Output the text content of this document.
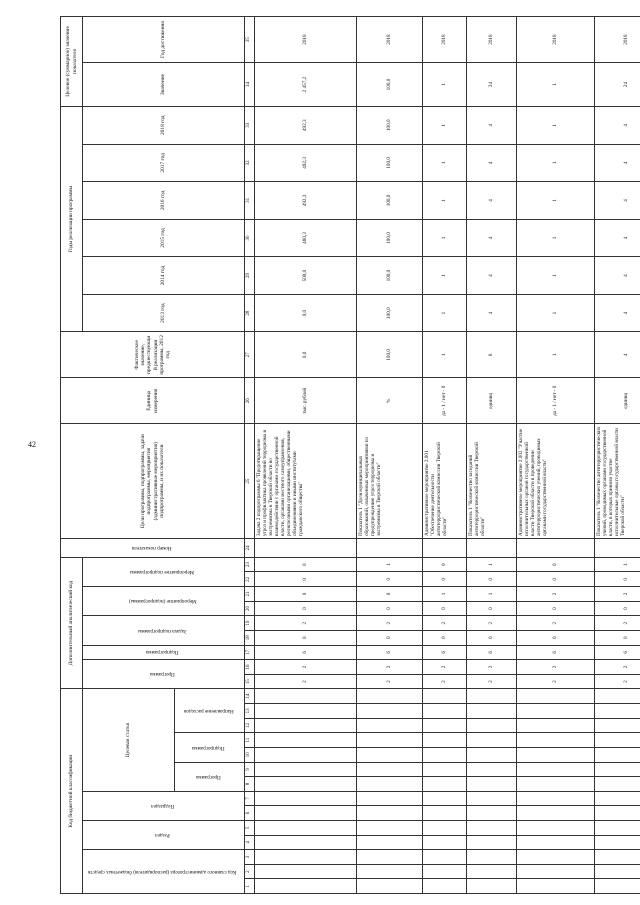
42
Код бюджетной классификации														Дополнительный аналитический код									Номер показателя	Цели программы, подпрограммы, задачи подпрограммы, мероприятия (административные мероприятия) подпрограммы, и их показатели	Единица измерения	Фактическое значение, предшествующий реализации программы, 2012 год	Годы реализации программы						Целевое (суммарное) значение показателя	
Код главного администратора (распорядителя) бюджетных средств			Раздел		Подраздел		Целевая статья							Программа		Подпрограмма	Задача подпрограммы		Мероприятие (подпрограммы)		Мероприятие подпрограммы						2013 год	2014 год	2015 год	2016 год	2017 год	2018 год	Значение	Год достижения
							Программа		Подпрограмма		Направление расходов																							
1	2	3	4	5	6	7	8	9	10	11	12	13	14	15	16	17	18	19	20	21	22	23	24	25	26	27	28	29	30	31	32	33	34	35
														2	2	6	0	2	0	0	0	0		Задача 2 подпрограммы 6 "Предотвращение угроз и профилактика проявлений терроризма и экстремизма в Тверской области во взаимодействии с органами государственной власти, органами местного самоуправления, религиозными организациями, общественными объединениями и иными институтами гражданского общества"	тыс. рублей	0,0	0,0	500,0	480,3	492,3	492,3	492,3	2 457,2	2018
														2	2	6	0	2	0	0	0	1		Показатель 1 "Доля муниципальных образований, охваченных мероприятиями по предупреждению угроз терроризма и экстремизма в Тверской области"	%	100,0	100,0	100,0	100,0	100,0	100,0	100,0	100,0	2018
														2	2	6	0	2	0	1	0	0		Административное мероприятие 2.001 "Обеспечение деятельности антитеррористической комиссии Тверской области"	да - 1 / нет - 0	1	1	1	1	1	1	1	1	2018
														2	2	6	0	2	0	1	0	1		Показатель 1 "Количество заседаний антитеррористической комиссии Тверской области"	единиц	8	4	4	4	4	4	4	24	2018
														2	2	6	0	2	0	2	0	0		Административное мероприятие 2.002 "Участие исполнительных органов государственной власти Тверской области в проведении антитеррористических учений, проводимых органами государственной власти"	да - 1 / нет - 0	1	1	1	1	1	1	1	1	2018
														2	2	6	0	2	0	2	0	1		Показатель 1 "Количество антитеррористических учений, проводимых органами государственной власти, в которых приняли участие исполнительные органы государственной власти Тверской области"	единиц	4	4	4	4	4	4	4	24	2018
